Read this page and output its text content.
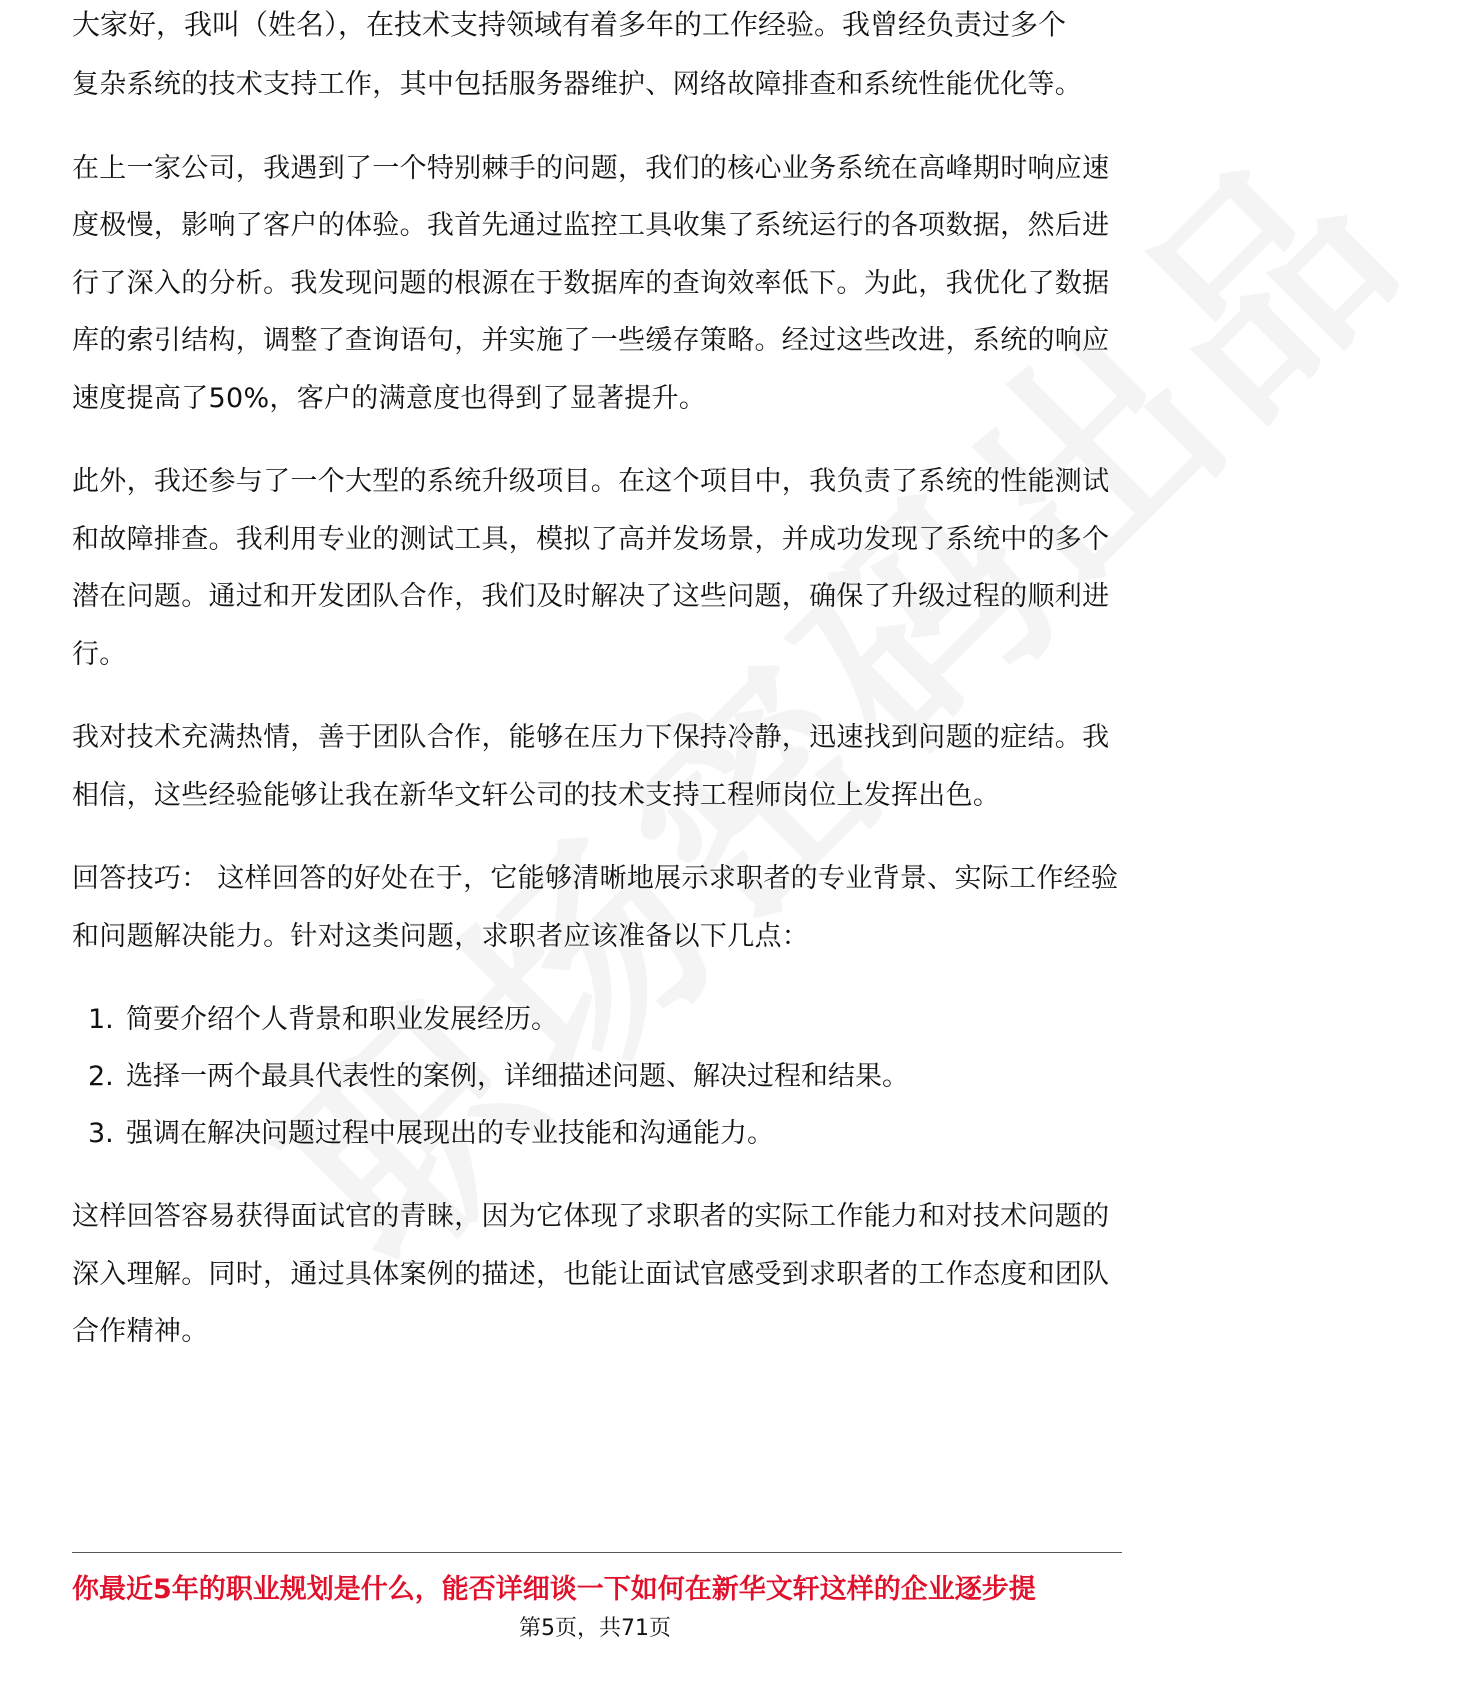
大家好，我叫（姓名），在技术支持领域有着多年的工作经验。我曾经负责过多个

复杂系统的技术支持工作，其中包括服务器维护、网络故障排查和系统性能优化等。

在上一家公司，我遇到了一个特别棘手的问题，我们的核心业务系统在高峰期时响应速度极慢，影响了客户的体验。我首先通过监控工具收集了系统运行的各项数据，然后进行了深入的分析。我发现问题的根源在于数据库的查询效率低下。为此，我优化了数据库的索引结构，调整了查询语句，并实施了一些缓存策略。经过这些改进，系统的响应速度提高了50%，客户的满意度也得到了显著提升。

此外，我还参与了一个大型的系统升级项目。在这个项目中，我负责了系统的性能测试和故障排查。我利用专业的测试工具，模拟了高并发场景，并成功发现了系统中的多个潜在问题。通过和开发团队合作，我们及时解决了这些问题，确保了升级过程的顺利进行。

我对技术充满热情，善于团队合作，能够在压力下保持冷静，迅速找到问题的症结。我相信，这些经验能够让我在新华文轩公司的技术支持工程师岗位上发挥出色。

回答技巧： 这样回答的好处在于，它能够清晰地展示求职者的专业背景、实际工作经验和问题解决能力。针对这类问题，求职者应该准备以下几点：

1. 简要介绍个人背景和职业发展经历。
2. 选择一两个最具代表性的案例，详细描述问题、解决过程和结果。
3. 强调在解决问题过程中展现出的专业技能和沟通能力。

这样回答容易获得面试官的青睐，因为它体现了求职者的实际工作能力和对技术问题的深入理解。同时，通过具体案例的描述，也能让面试官感受到求职者的工作态度和团队合作精神。

你最近5年的职业规划是什么，能否详细谈一下如何在新华文轩这样的企业逐步提
第5页，共71页
